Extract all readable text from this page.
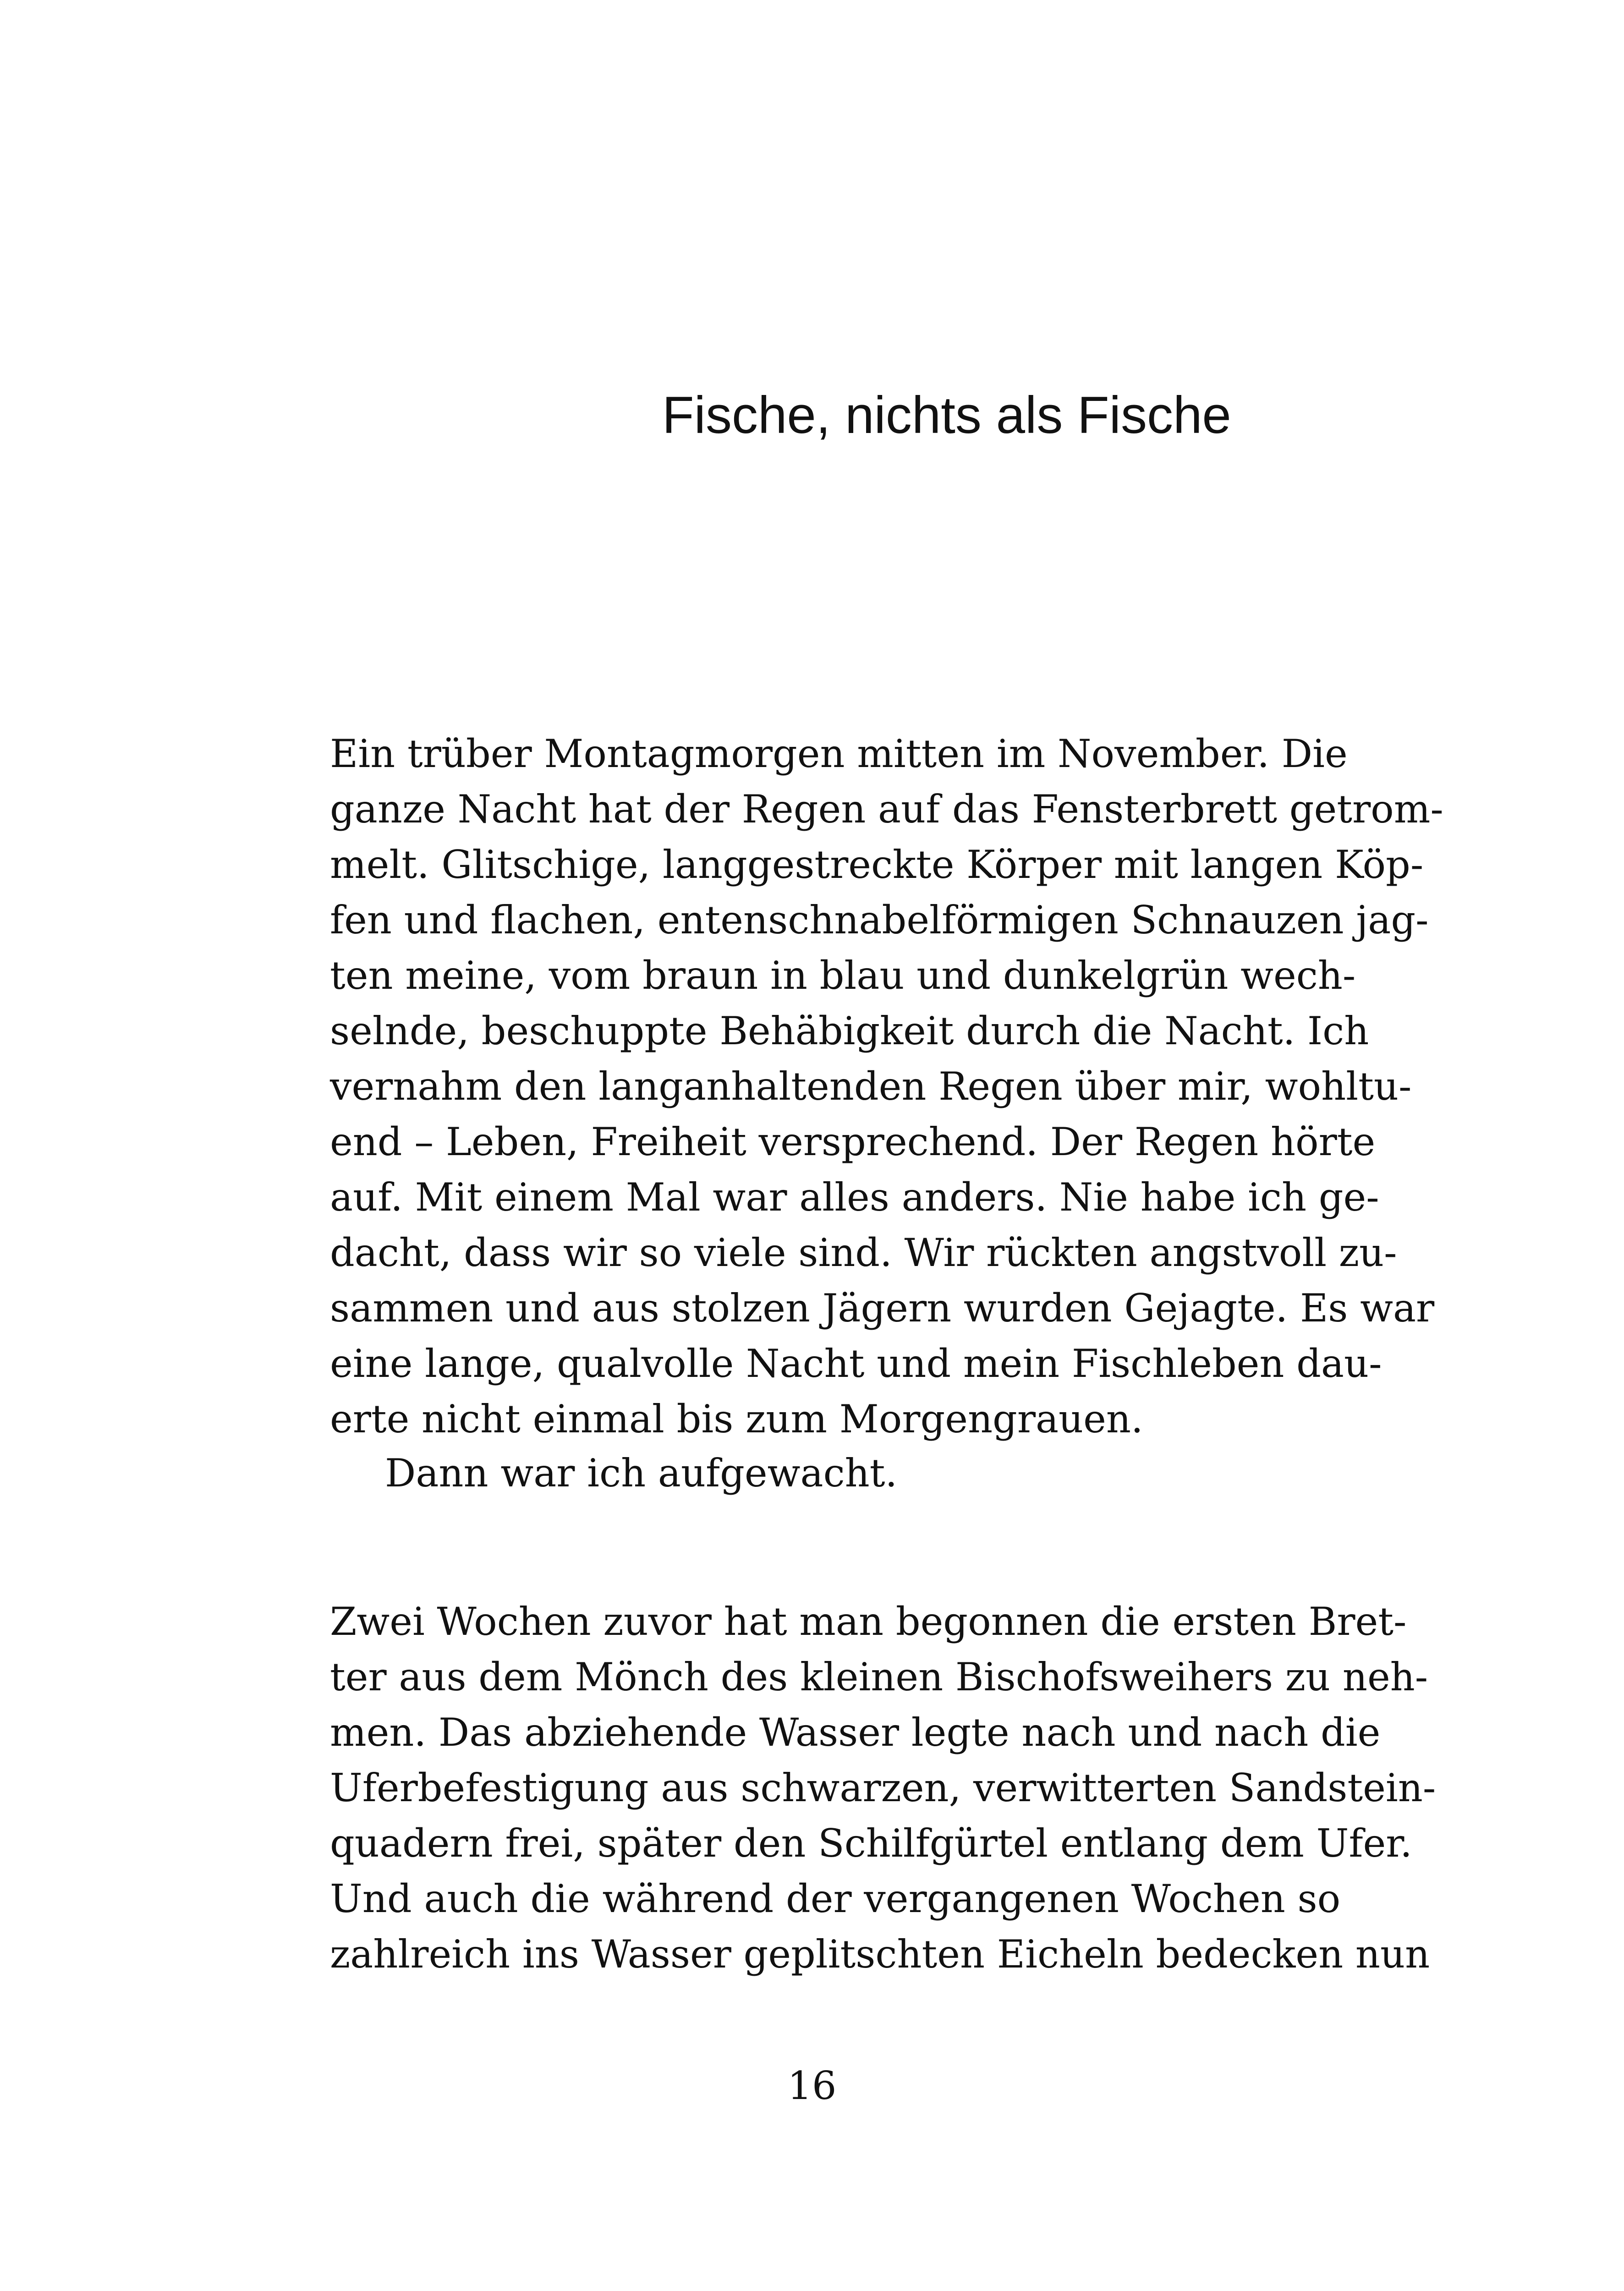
Fische, nichts als Fische
Ein trüber Montagmorgen mitten im November. Die
ganze Nacht hat der Regen auf das Fensterbrett getrom-
melt. Glitschige, langgestreckte Körper mit langen Köp-
fen und flachen, entenschnabelförmigen Schnauzen jag-
ten meine, vom braun in blau und dunkelgrün wech-
selnde, beschuppte Behäbigkeit durch die Nacht. Ich
vernahm den langanhaltenden Regen über mir, wohltu-
end – Leben, Freiheit versprechend. Der Regen hörte
auf. Mit einem Mal war alles anders. Nie habe ich ge-
dacht, dass wir so viele sind. Wir rückten angstvoll zu-
sammen und aus stolzen Jägern wurden Gejagte. Es war
eine lange, qualvolle Nacht und mein Fischleben dau-
erte nicht einmal bis zum Morgengrauen.
Dann war ich aufgewacht.
Zwei Wochen zuvor hat man begonnen die ersten Bret-
ter aus dem Mönch des kleinen Bischofsweihers zu neh-
men. Das abziehende Wasser legte nach und nach die
Uferbefestigung aus schwarzen, verwitterten Sandstein-
quadern frei, später den Schilfgürtel entlang dem Ufer.
Und auch die während der vergangenen Wochen so
zahlreich ins Wasser geplitschten Eicheln bedecken nun
16
